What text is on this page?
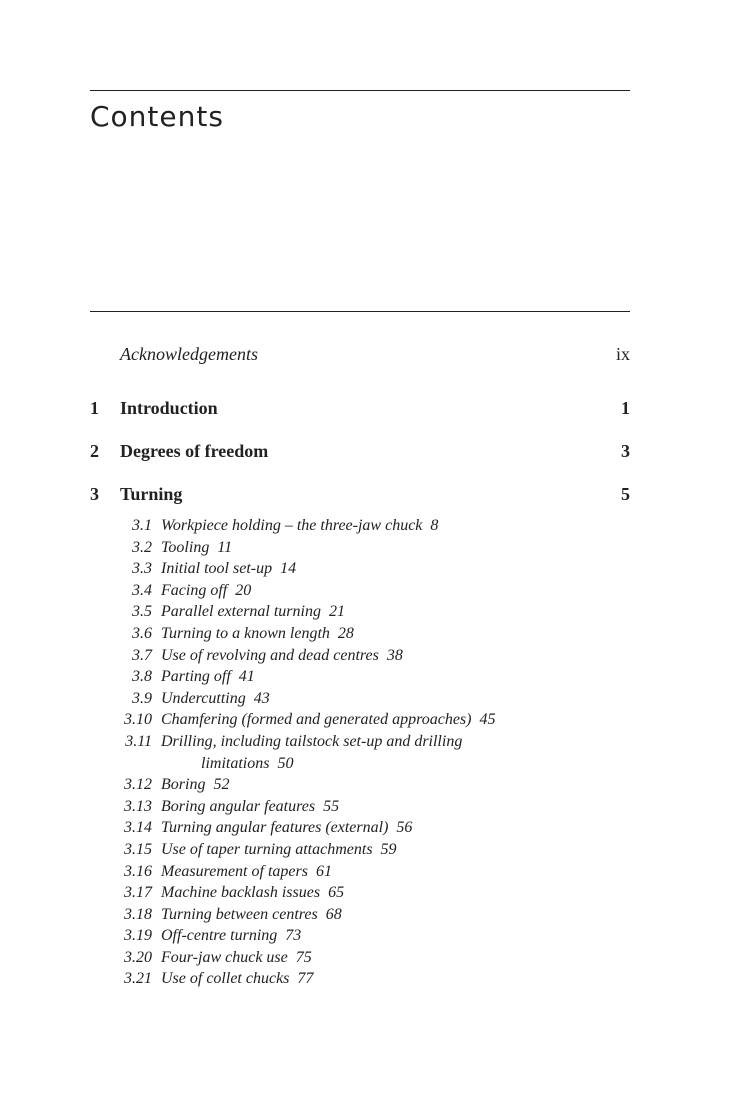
Contents
Acknowledgements	ix
1 Introduction	1
2 Degrees of freedom	3
3 Turning	5
3.1 Workpiece holding – the three-jaw chuck 8
3.2 Tooling 11
3.3 Initial tool set-up 14
3.4 Facing off 20
3.5 Parallel external turning 21
3.6 Turning to a known length 28
3.7 Use of revolving and dead centres 38
3.8 Parting off 41
3.9 Undercutting 43
3.10 Chamfering (formed and generated approaches) 45
3.11 Drilling, including tailstock set-up and drilling
limitations 50
3.12 Boring 52
3.13 Boring angular features 55
3.14 Turning angular features (external) 56
3.15 Use of taper turning attachments 59
3.16 Measurement of tapers 61
3.17 Machine backlash issues 65
3.18 Turning between centres 68
3.19 Off-centre turning 73
3.20 Four-jaw chuck use 75
3.21 Use of collet chucks 77
